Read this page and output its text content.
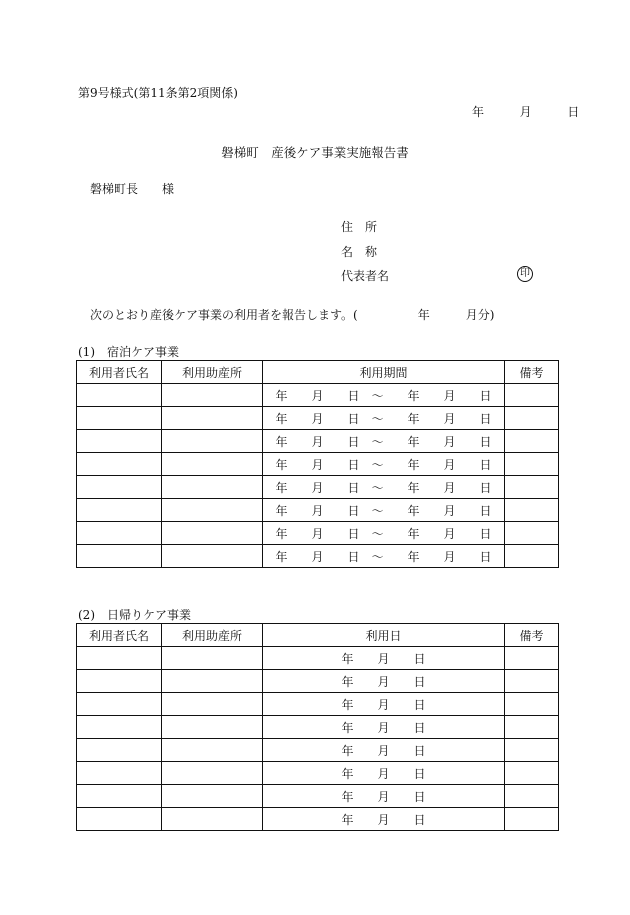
第9号様式(第11条第2項関係)
年	月	日
磐梯町　産後ケア事業実施報告書
磐梯町長　　様
住　所
名　称
代表者名	印
次のとおり産後ケア事業の利用者を報告します。(　　　　　年　　　月分)
(1)　宿泊ケア事業
利用者氏名	利用助産所	利用期間	備考
		年　　月　　日　〜　　年　　月　　日	
		年　　月　　日　〜　　年　　月　　日	
		年　　月　　日　〜　　年　　月　　日	
		年　　月　　日　〜　　年　　月　　日	
		年　　月　　日　〜　　年　　月　　日	
		年　　月　　日　〜　　年　　月　　日	
		年　　月　　日　〜　　年　　月　　日	
		年　　月　　日　〜　　年　　月　　日	
(2)　日帰りケア事業
利用者氏名	利用助産所	利用日	備考
		年　　月　　日	
		年　　月　　日	
		年　　月　　日	
		年　　月　　日	
		年　　月　　日	
		年　　月　　日	
		年　　月　　日	
		年　　月　　日	
